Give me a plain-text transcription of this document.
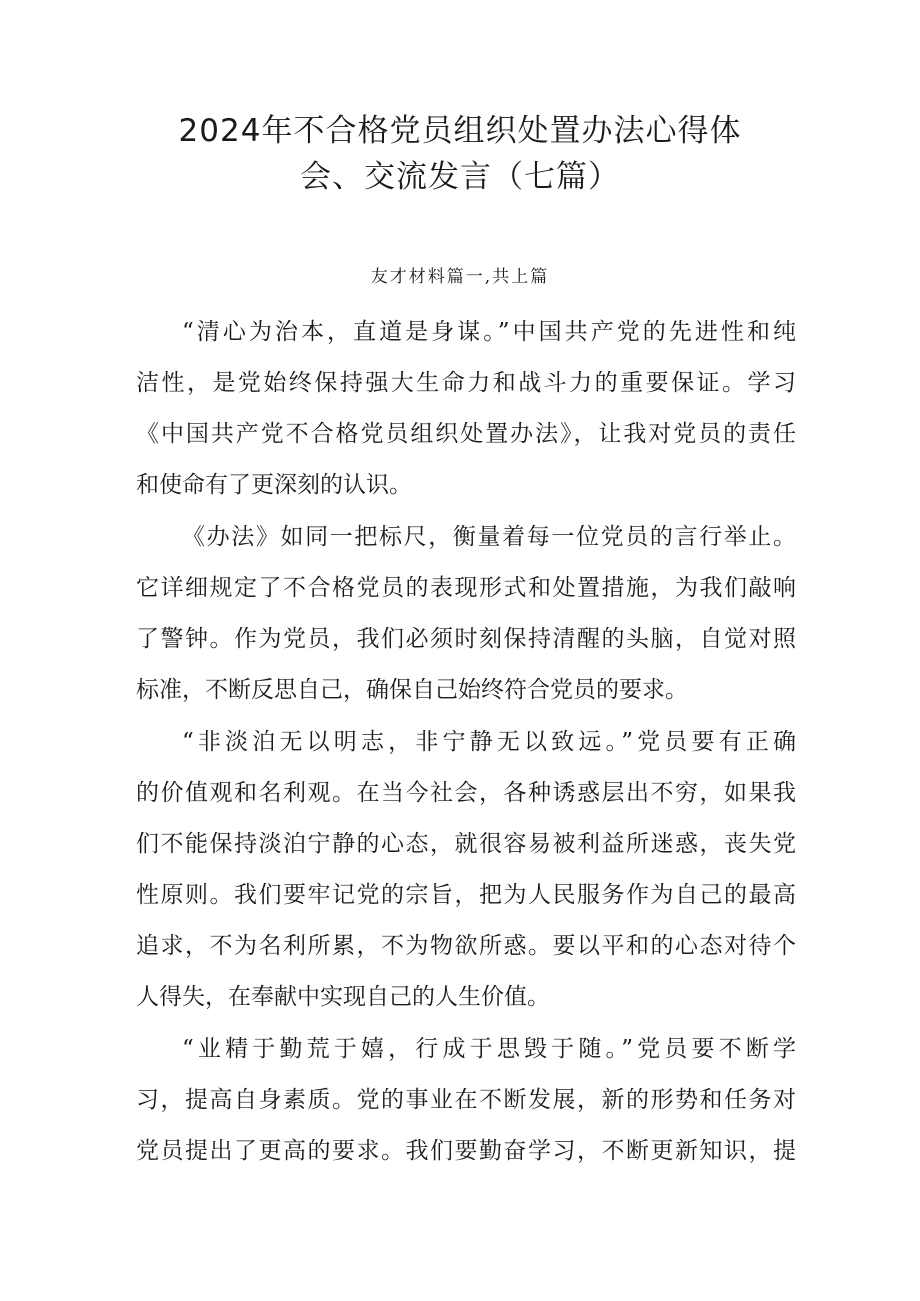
2024年不合格党员组织处置办法心得体
会、交流发言（七篇）

友才材料篇一,共上篇

“清心为治本，直道是身谋。”中国共产党的先进性和纯
洁性，是党始终保持强大生命力和战斗力的重要保证。学习
《中国共产党不合格党员组织处置办法》，让我对党员的责任
和使命有了更深刻的认识。
《办法》如同一把标尺，衡量着每一位党员的言行举止。
它详细规定了不合格党员的表现形式和处置措施，为我们敲响
了警钟。作为党员，我们必须时刻保持清醒的头脑，自觉对照
标准，不断反思自己，确保自己始终符合党员的要求。
“非淡泊无以明志，非宁静无以致远。”党员要有正确
的价值观和名利观。在当今社会，各种诱惑层出不穷，如果我
们不能保持淡泊宁静的心态，就很容易被利益所迷惑，丧失党
性原则。我们要牢记党的宗旨，把为人民服务作为自己的最高
追求，不为名利所累，不为物欲所惑。要以平和的心态对待个
人得失，在奉献中实现自己的人生价值。
“业精于勤荒于嬉，行成于思毁于随。”党员要不断学
习，提高自身素质。党的事业在不断发展，新的形势和任务对
党员提出了更高的要求。我们要勤奋学习，不断更新知识，提
